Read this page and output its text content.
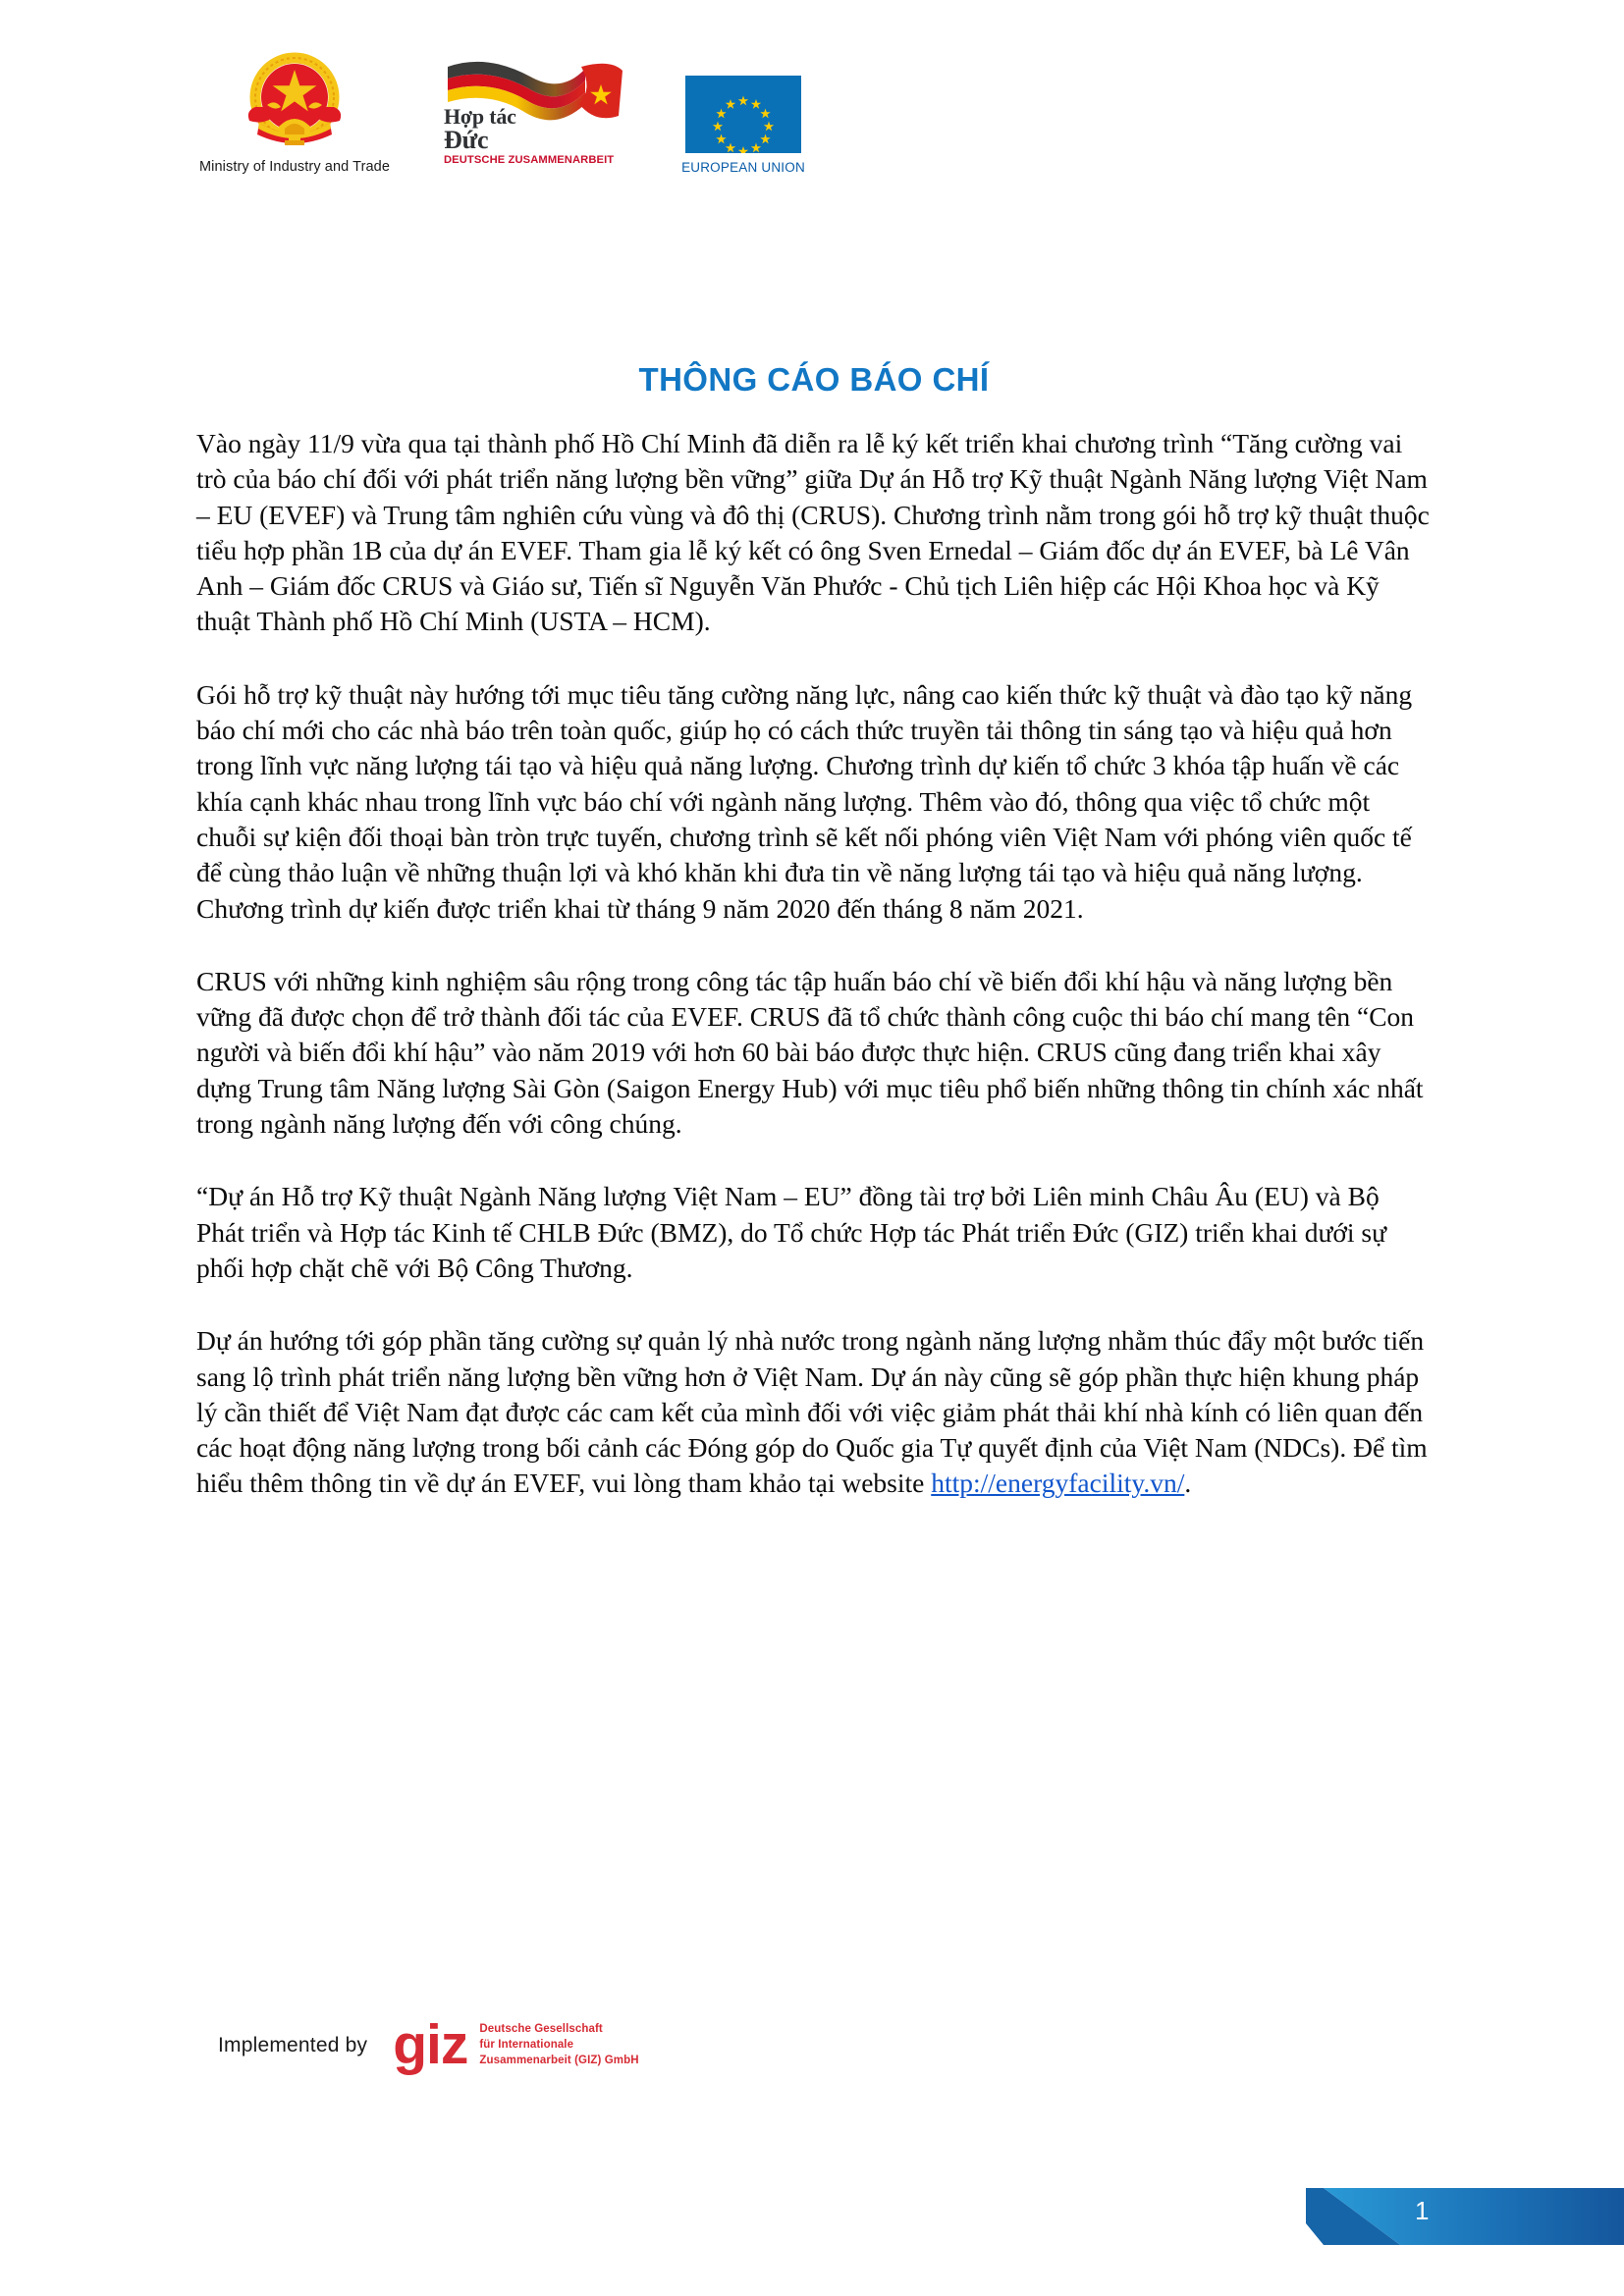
Ministry of Industry and Trade
Hợp tác
Đức
DEUTSCHE ZUSAMMENARBEIT	EUROPEAN UNION
THÔNG CÁO BÁO CHÍ

Vào ngày 11/9 vừa qua tại thành phố Hồ Chí Minh đã diễn ra lễ ký kết triển khai chương trình “Tăng cường vai trò của báo chí đối với phát triển năng lượng bền vững” giữa Dự án Hỗ trợ Kỹ thuật Ngành Năng lượng Việt Nam – EU (EVEF) và Trung tâm nghiên cứu vùng và đô thị (CRUS). Chương trình nằm trong gói hỗ trợ kỹ thuật thuộc tiểu hợp phần 1B của dự án EVEF. Tham gia lễ ký kết có ông Sven Ernedal – Giám đốc dự án EVEF, bà Lê Vân Anh – Giám đốc CRUS và Giáo sư, Tiến sĩ Nguyễn Văn Phước - Chủ tịch Liên hiệp các Hội Khoa học và Kỹ thuật Thành phố Hồ Chí Minh (USTA – HCM).

Gói hỗ trợ kỹ thuật này hướng tới mục tiêu tăng cường năng lực, nâng cao kiến thức kỹ thuật và đào tạo kỹ năng báo chí mới cho các nhà báo trên toàn quốc, giúp họ có cách thức truyền tải thông tin sáng tạo và hiệu quả hơn trong lĩnh vực năng lượng tái tạo và hiệu quả năng lượng. Chương trình dự kiến tổ chức 3 khóa tập huấn về các khía cạnh khác nhau trong lĩnh vực báo chí với ngành năng lượng. Thêm vào đó, thông qua việc tổ chức một chuỗi sự kiện đối thoại bàn tròn trực tuyến, chương trình sẽ kết nối phóng viên Việt Nam với phóng viên quốc tế để cùng thảo luận về những thuận lợi và khó khăn khi đưa tin về năng lượng tái tạo và hiệu quả năng lượng. Chương trình dự kiến được triển khai từ tháng 9 năm 2020 đến tháng 8 năm 2021.

CRUS với những kinh nghiệm sâu rộng trong công tác tập huấn báo chí về biến đổi khí hậu và năng lượng bền vững đã được chọn để trở thành đối tác của EVEF. CRUS đã tổ chức thành công cuộc thi báo chí mang tên “Con người và biến đổi khí hậu” vào năm 2019 với hơn 60 bài báo được thực hiện. CRUS cũng đang triển khai xây dựng Trung tâm Năng lượng Sài Gòn (Saigon Energy Hub) với mục tiêu phổ biến những thông tin chính xác nhất trong ngành năng lượng đến với công chúng.

“Dự án Hỗ trợ Kỹ thuật Ngành Năng lượng Việt Nam – EU” đồng tài trợ bởi Liên minh Châu Âu (EU) và Bộ Phát triển và Hợp tác Kinh tế CHLB Đức (BMZ), do Tổ chức Hợp tác Phát triển Đức (GIZ) triển khai dưới sự phối hợp chặt chẽ với Bộ Công Thương.

Dự án hướng tới góp phần tăng cường sự quản lý nhà nước trong ngành năng lượng nhằm thúc đẩy một bước tiến sang lộ trình phát triển năng lượng bền vững hơn ở Việt Nam. Dự án này cũng sẽ góp phần thực hiện khung pháp lý cần thiết để Việt Nam đạt được các cam kết của mình đối với việc giảm phát thải khí nhà kính có liên quan đến các hoạt động năng lượng trong bối cảnh các Đóng góp do Quốc gia Tự quyết định của Việt Nam (NDCs). Để tìm hiểu thêm thông tin về dự án EVEF, vui lòng tham khảo tại website http://energyfacility.vn/.

Implemented by giz Deutsche Gesellschaft
für Internationale
Zusammenarbeit (GIZ) GmbH
1
